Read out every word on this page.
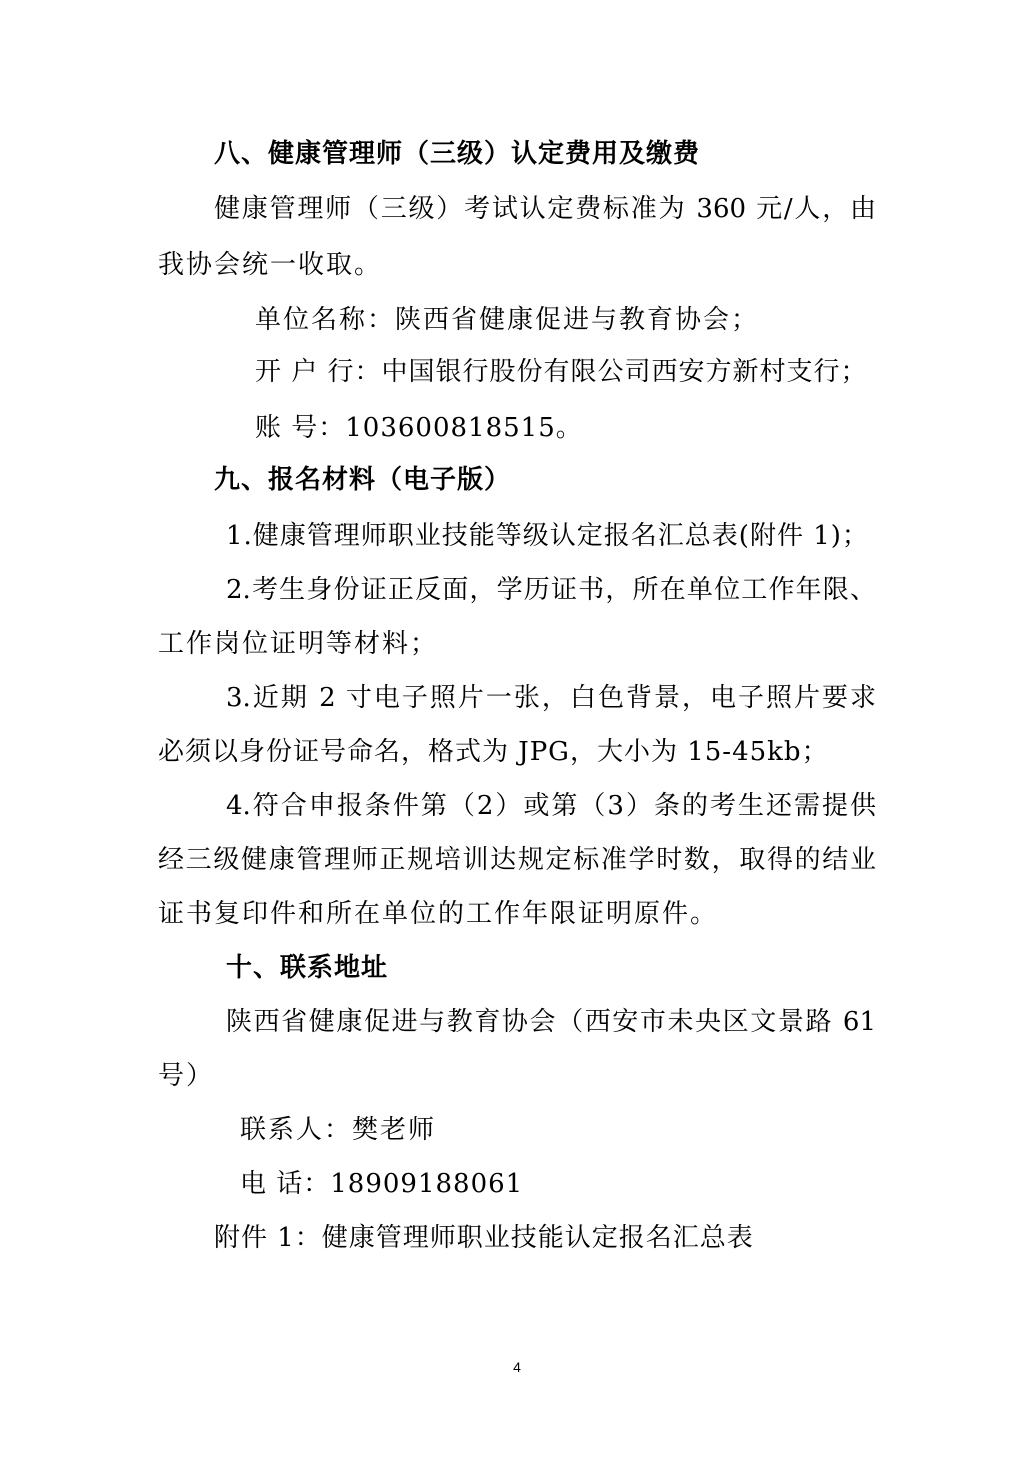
八、健康管理师（三级）认定费用及缴费
健康管理师（三级）考试认定费标准为 360 元/人，由
我协会统一收取。
单位名称：陕西省健康促进与教育协会；
开 户 行：中国银行股份有限公司西安方新村支行；
账 号：103600818515。
九、报名材料（电子版）
1.健康管理师职业技能等级认定报名汇总表(附件 1)；
2.考生身份证正反面，学历证书，所在单位工作年限、
工作岗位证明等材料；
3.近期 2 寸电子照片一张，白色背景，电子照片要求
必须以身份证号命名，格式为 JPG，大小为 15-45kb；
4.符合申报条件第（2）或第（3）条的考生还需提供
经三级健康管理师正规培训达规定标准学时数，取得的结业
证书复印件和所在单位的工作年限证明原件。
十、联系地址
陕西省健康促进与教育协会（西安市未央区文景路 61
号）
联系人：樊老师
电 话：18909188061
附件 1：健康管理师职业技能认定报名汇总表
4
